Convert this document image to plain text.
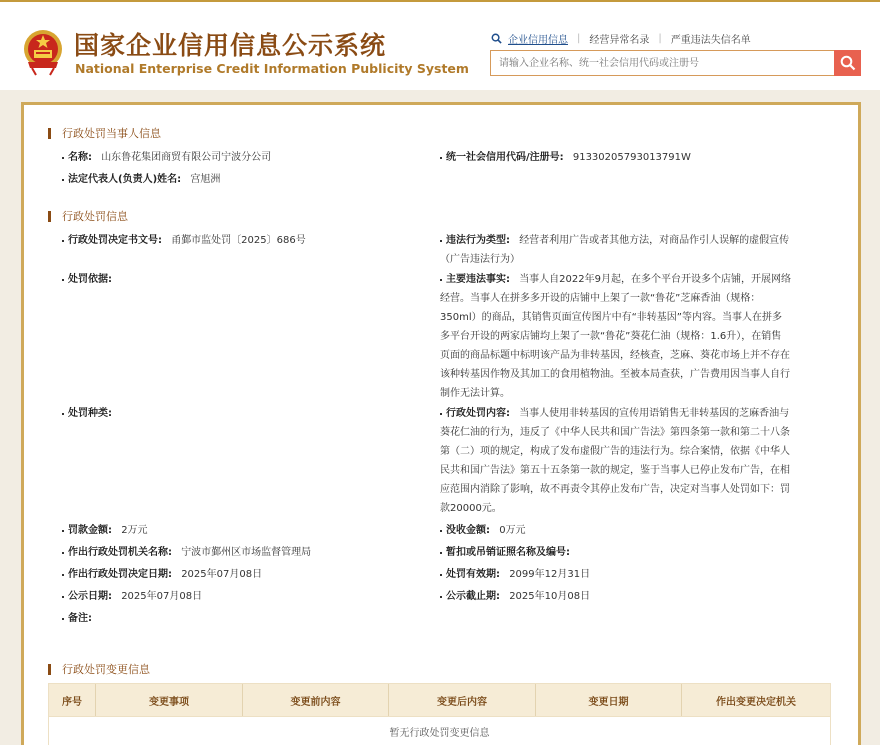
国家企业信用信息公示系统
National Enterprise Credit Information Publicity System
企业信用信息 | 经营异常名录 | 严重违法失信名单
请输入企业名称、统一社会信用代码或注册号
行政处罚当事人信息
名称: 山东鲁花集团商贸有限公司宁波分公司	统一社会信用代码/注册号: 91330205793013791W
法定代表人(负责人)姓名: 宫旭洲
行政处罚信息
行政处罚决定书文号: 甬鄞市监处罚〔2025〕686号	违法行为类型: 经营者利用广告或者其他方法，对商品作引人误解的虚假宣传
（广告违法行为）
处罚依据:	主要违法事实: 当事人自2022年9月起，在多个平台开设多个店铺，开展网络
经营。当事人在拼多多开设的店铺中上架了一款“鲁花”芝麻香油（规格：
350ml）的商品，其销售页面宣传图片中有“非转基因”等内容。当事人在拼多
多平台开设的两家店铺均上架了一款“鲁花”葵花仁油（规格：1.6升），在销售
页面的商品标题中标明该产品为非转基因，经核查，芝麻、葵花市场上并不存在
该种转基因作物及其加工的食用植物油。至被本局查获，广告费用因当事人自行
制作无法计算。
处罚种类:	行政处罚内容: 当事人使用非转基因的宣传用语销售无非转基因的芝麻香油与
葵花仁油的行为，违反了《中华人民共和国广告法》第四条第一款和第二十八条
第（二）项的规定，构成了发布虚假广告的违法行为。综合案情，依据《中华人
民共和国广告法》第五十五条第一款的规定，鉴于当事人已停止发布广告，在相
应范围内消除了影响，故不再责令其停止发布广告，决定对当事人处罚如下：罚
款20000元。
罚款金额: 2万元	没收金额: 0万元
作出行政处罚机关名称: 宁波市鄞州区市场监督管理局	暂扣或吊销证照名称及编号:
作出行政处罚决定日期: 2025年07月08日	处罚有效期: 2099年12月31日
公示日期: 2025年07月08日	公示截止期: 2025年10月08日
备注:
行政处罚变更信息
序号	变更事项	变更前内容	变更后内容	变更日期	作出变更决定机关
暂无行政处罚变更信息
